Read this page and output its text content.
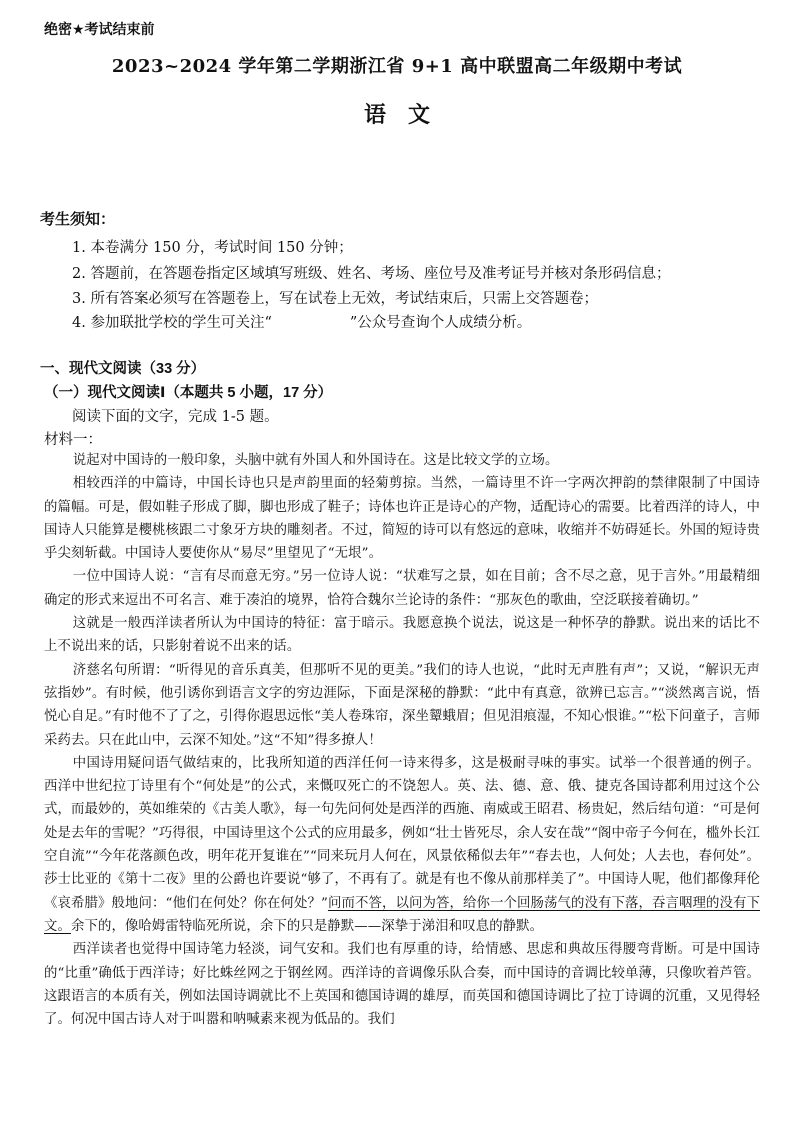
绝密★考试结束前
2023~2024 学年第二学期浙江省 9+1 高中联盟高二年级期中考试
语文
考生须知：
1. 本卷满分 150 分，考试时间 150 分钟；
2. 答题前，在答题卷指定区域填写班级、姓名、考场、座位号及准考证号并核对条形码信息；
3. 所有答案必须写在答题卷上，写在试卷上无效，考试结束后，只需上交答题卷；
4. 参加联批学校的学生可关注“	”公众号查询个人成绩分析。
一、现代文阅读（33 分）
（一）现代文阅读Ⅰ（本题共 5 小题，17 分）
阅读下面的文字，完成 1-5 题。
材料一：

说起对中国诗的一般印象，头脑中就有外国人和外国诗在。这是比较文学的立场。

相较西洋的中篇诗，中国长诗也只是声韵里面的轻菊剪掠。当然，一篇诗里不许一字两次押韵的禁律限制了中国诗的篇幅。可是，假如鞋子形成了脚，脚也形成了鞋子；诗体也许正是诗心的产物，适配诗心的需要。比着西洋的诗人，中国诗人只能算是櫻桃核跟二寸象牙方块的雕刻者。不过，简短的诗可以有悠远的意味，收缩并不妨碍延长。外国的短诗贵乎尖刻斩截。中国诗人要使你从“易尽”里望见了“无垠”。

一位中国诗人说：“言有尽而意无穷。”另一位诗人说：“状难写之景，如在目前；含不尽之意，见于言外。”用最精细确定的形式来逗出不可名言、难于凑泊的境界，恰符合魏尔兰论诗的条件：“那灰色的歌曲，空泛联接着确切。”

这就是一般西洋读者所认为中国诗的特征：富于暗示。我愿意换个说法，说这是一种怀孕的静默。说出来的话比不上不说出来的话，只影射着说不出来的话。

济慈名句所谓：“听得见的音乐真美，但那听不见的更美。”我们的诗人也说，“此时无声胜有声”；又说，“解识无声弦指妙”。有时候，他引诱你到语言文字的穷边涯际，下面是深秘的静默：“此中有真意，欲辨已忘言。”“淡然离言说，悟悦心自足。”有时他不了了之，引得你遐思远怅“美人卷珠帘，深坐颦蛾眉；但见泪痕湿，不知心恨谁。”“松下问童子，言师采药去。只在此山中，云深不知处。”这“不知”得多撩人！

中国诗用疑问语气做结束的，比我所知道的西洋任何一诗来得多，这是极耐寻味的事实。试举一个很普通的例子。西洋中世纪拉丁诗里有个“何处是”的公式，来慨叹死亡的不饶恕人。英、法、德、意、俄、捷克各国诗都利用过这个公式，而最妙的，英如维荣的《古美人歌》，每一句先问何处是西洋的西施、南威或王昭君、杨贵妃，然后结句道：“可是何处是去年的雪呢？”巧得很，中国诗里这个公式的应用最多，例如“壮士皆死尽，余人安在哉”“阁中帝子今何在，槛外长江空自流”“今年花落颜色改，明年花开复谁在”“同来玩月人何在，风景依稀似去年”“春去也，人何处；人去也，春何处”。莎士比亚的《第十二夜》里的公爵也许要说“够了，不再有了。就是有也不像从前那样美了”。中国诗人呢，他们都像拜伦《哀希腊》般地问：“他们在何处？你在何处？”问而不答，以问为答，给你一个回肠荡气的没有下落，吞言咽理的没有下文。余下的，像哈姆雷特临死所说，余下的只是静默——深挚于涕泪和叹息的静默。

西洋读者也觉得中国诗笔力轻淡，词气安和。我们也有厚重的诗，给情感、思虑和典故压得腰弯背断。可是中国诗的“比重”确低于西洋诗；好比蛛丝网之于钢丝网。西洋诗的音调像乐队合奏，而中国诗的音调比较单薄，只像吹着芦管。这跟语言的本质有关，例如法国诗调就比不上英国和德国诗调的雄厚，而英国和德国诗调比了拉丁诗调的沉重，又见得轻了。何况中国古诗人对于叫嚣和呐喊素来视为低品的。我们
